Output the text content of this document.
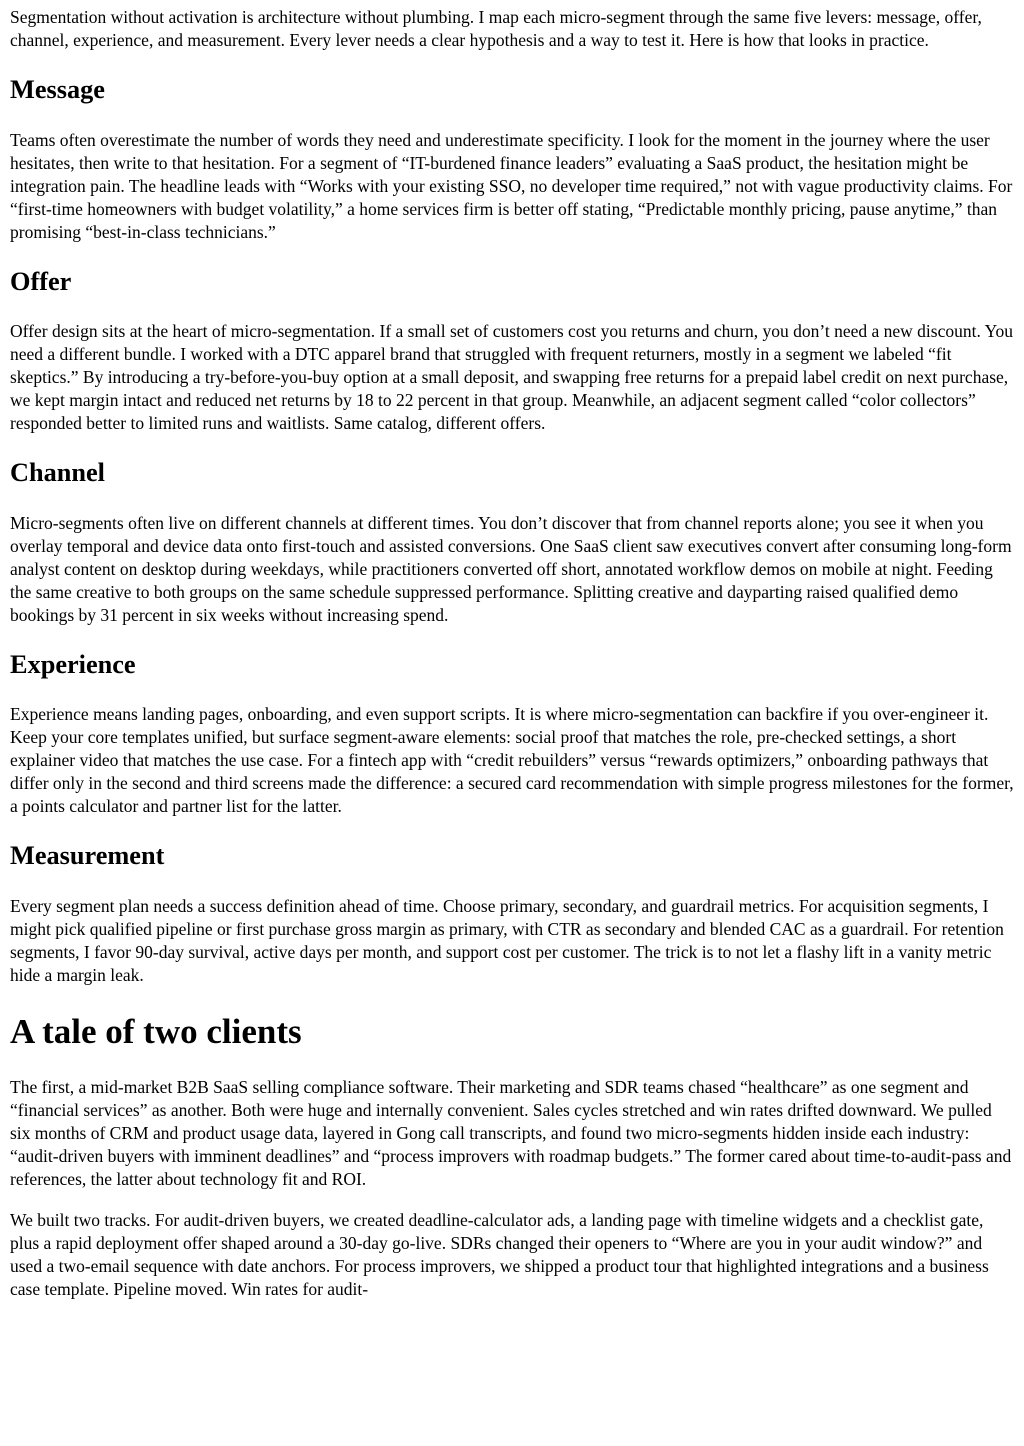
Segmentation without activation is architecture without plumbing. I map each micro-segment through the same five levers: message, offer, channel, experience, and measurement. Every lever needs a clear hypothesis and a way to test it. Here is how that looks in practice.

Message

Teams often overestimate the number of words they need and underestimate specificity. I look for the moment in the journey where the user hesitates, then write to that hesitation. For a segment of “IT-burdened finance leaders” evaluating a SaaS product, the hesitation might be integration pain. The headline leads with “Works with your existing SSO, no developer time required,” not with vague productivity claims. For “first-time homeowners with budget volatility,” a home services firm is better off stating, “Predictable monthly pricing, pause anytime,” than promising “best-in-class technicians.”

Offer

Offer design sits at the heart of micro-segmentation. If a small set of customers cost you returns and churn, you don’t need a new discount. You need a different bundle. I worked with a DTC apparel brand that struggled with frequent returners, mostly in a segment we labeled “fit skeptics.” By introducing a try-before-you-buy option at a small deposit, and swapping free returns for a prepaid label credit on next purchase, we kept margin intact and reduced net returns by 18 to 22 percent in that group. Meanwhile, an adjacent segment called “color collectors” responded better to limited runs and waitlists. Same catalog, different offers.

Channel

Micro-segments often live on different channels at different times. You don’t discover that from channel reports alone; you see it when you overlay temporal and device data onto first-touch and assisted conversions. One SaaS client saw executives convert after consuming long-form analyst content on desktop during weekdays, while practitioners converted off short, annotated workflow demos on mobile at night. Feeding the same creative to both groups on the same schedule suppressed performance. Splitting creative and dayparting raised qualified demo bookings by 31 percent in six weeks without increasing spend.

Experience

Experience means landing pages, onboarding, and even support scripts. It is where micro-segmentation can backfire if you over-engineer it. Keep your core templates unified, but surface segment-aware elements: social proof that matches the role, pre-checked settings, a short explainer video that matches the use case. For a fintech app with “credit rebuilders” versus “rewards optimizers,” onboarding pathways that differ only in the second and third screens made the difference: a secured card recommendation with simple progress milestones for the former, a points calculator and partner list for the latter.

Measurement

Every segment plan needs a success definition ahead of time. Choose primary, secondary, and guardrail metrics. For acquisition segments, I might pick qualified pipeline or first purchase gross margin as primary, with CTR as secondary and blended CAC as a guardrail. For retention segments, I favor 90-day survival, active days per month, and support cost per customer. The trick is to not let a flashy lift in a vanity metric hide a margin leak.

A tale of two clients

The first, a mid-market B2B SaaS selling compliance software. Their marketing and SDR teams chased “healthcare” as one segment and “financial services” as another. Both were huge and internally convenient. Sales cycles stretched and win rates drifted downward. We pulled six months of CRM and product usage data, layered in Gong call transcripts, and found two micro-segments hidden inside each industry: “audit-driven buyers with imminent deadlines” and “process improvers with roadmap budgets.” The former cared about time-to-audit-pass and references, the latter about technology fit and ROI.

We built two tracks. For audit-driven buyers, we created deadline-calculator ads, a landing page with timeline widgets and a checklist gate, plus a rapid deployment offer shaped around a 30-day go-live. SDRs changed their openers to “Where are you in your audit window?” and used a two-email sequence with date anchors. For process improvers, we shipped a product tour that highlighted integrations and a business case template. Pipeline moved. Win rates for audit-
